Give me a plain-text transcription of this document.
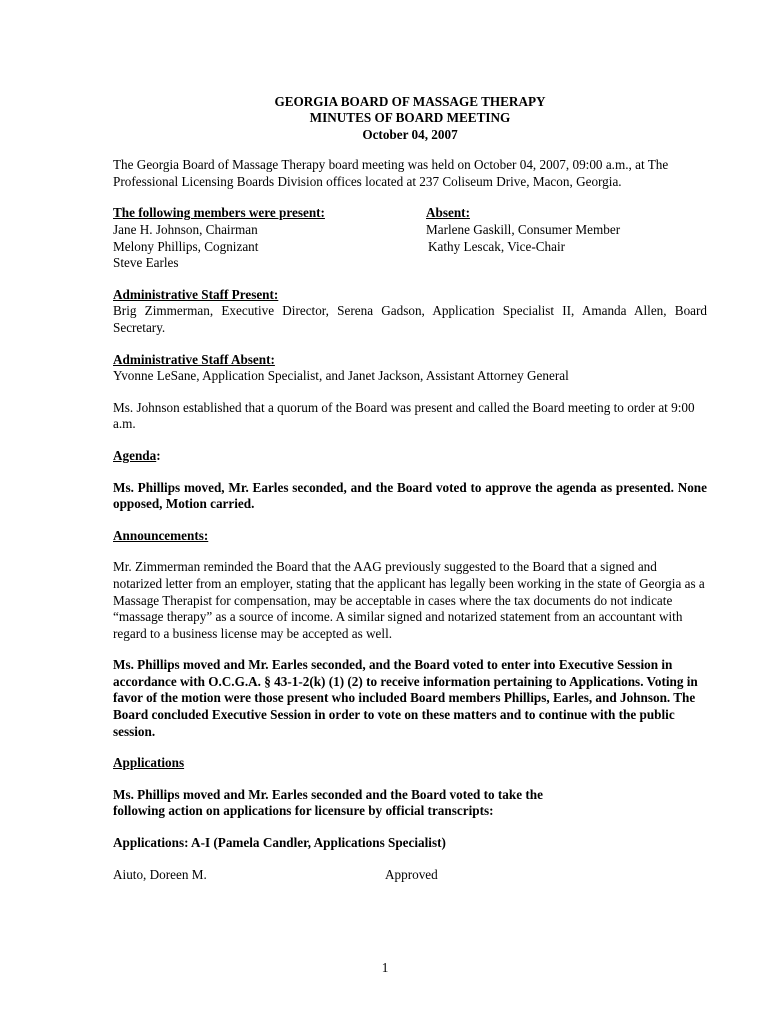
GEORGIA BOARD OF MASSAGE THERAPY
MINUTES OF BOARD MEETING
October 04, 2007

The Georgia Board of Massage Therapy board meeting was held on October 04, 2007, 09:00 a.m., at The Professional Licensing Boards Division offices located at 237 Coliseum Drive, Macon, Georgia.

The following members were present:
Jane H. Johnson, Chairman
Melony Phillips, Cognizant
Steve Earles
Absent:
Marlene Gaskill, Consumer Member
Kathy Lescak, Vice-Chair

Administrative Staff Present:
Brig Zimmerman, Executive Director, Serena Gadson, Application Specialist II, Amanda Allen, Board Secretary.

Administrative Staff Absent:
Yvonne LeSane, Application Specialist, and Janet Jackson, Assistant Attorney General

Ms. Johnson established that a quorum of the Board was present and called the Board meeting to order at 9:00 a.m.

Agenda:

Ms. Phillips moved, Mr. Earles seconded, and the Board voted to approve the agenda as presented. None opposed, Motion carried.

Announcements:

Mr. Zimmerman reminded the Board that the AAG previously suggested to the Board that a signed and notarized letter from an employer, stating that the applicant has legally been working in the state of Georgia as a Massage Therapist for compensation, may be acceptable in cases where the tax documents do not indicate “massage therapy” as a source of income. A similar signed and notarized statement from an accountant with regard to a business license may be accepted as well.

Ms. Phillips moved and Mr. Earles seconded, and the Board voted to enter into Executive Session in accordance with O.C.G.A. § 43-1-2(k) (1) (2) to receive information pertaining to Applications. Voting in favor of the motion were those present who included Board members Phillips, Earles, and Johnson. The Board concluded Executive Session in order to vote on these matters and to continue with the public session.

Applications

Ms. Phillips moved and Mr. Earles seconded and the Board voted to take the following action on applications for licensure by official transcripts:

Applications: A-I (Pamela Candler, Applications Specialist)

Aiuto, Doreen M.	Approved
1
